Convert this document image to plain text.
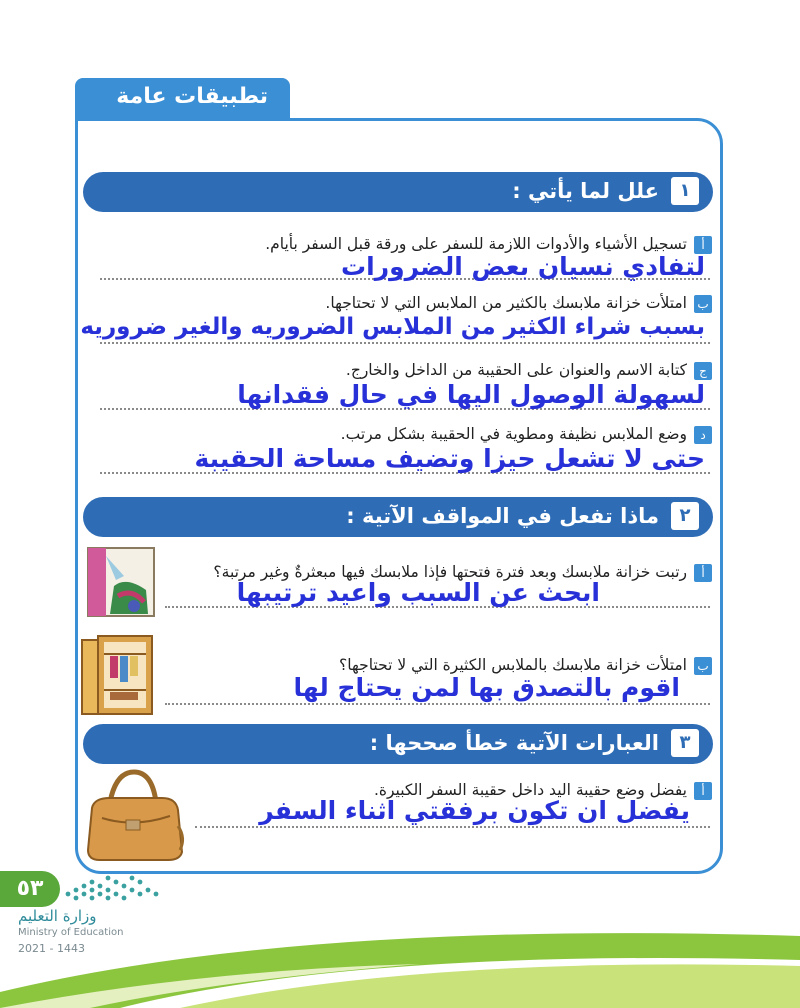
تطبيقات عامة
١
علل لما يأتي :
أتسجيل الأشياء والأدوات اللازمة للسفر على ورقة قبل السفر بأيام.
لتفادي نسيان بعض الضرورات
بامتلأت خزانة ملابسك بالكثير من الملابس التي لا تحتاجها.
بسبب شراء الكثير من الملابس الضروريه والغير ضروريه
جكتابة الاسم والعنوان على الحقيبة من الداخل والخارج.
لسهولة الوصول اليها في حال فقدانها
دوضع الملابس نظيفة ومطوية في الحقيبة بشكل مرتب.
حتى لا تشعل حيزا وتضيف مساحة الحقيبة
٢
ماذا تفعل في المواقف الآتية :
أرتبت خزانة ملابسك وبعد فترة فتحتها فإذا ملابسك فيها مبعثرةٌ وغير مرتبة؟
ابحث عن السبب واعيد ترتيبها
بامتلأت خزانة ملابسك بالملابس الكثيرة التي لا تحتاجها؟
اقوم بالتصدق بها لمن يحتاج لها
٣
العبارات الآتية خطأ صححها :
أيفضل وضع حقيبة اليد داخل حقيبة السفر الكبيرة.
يفضل ان تكون برفقتي اثناء السفر
٥٣
وزارة التعليم
Ministry of Education
2021 - 1443
